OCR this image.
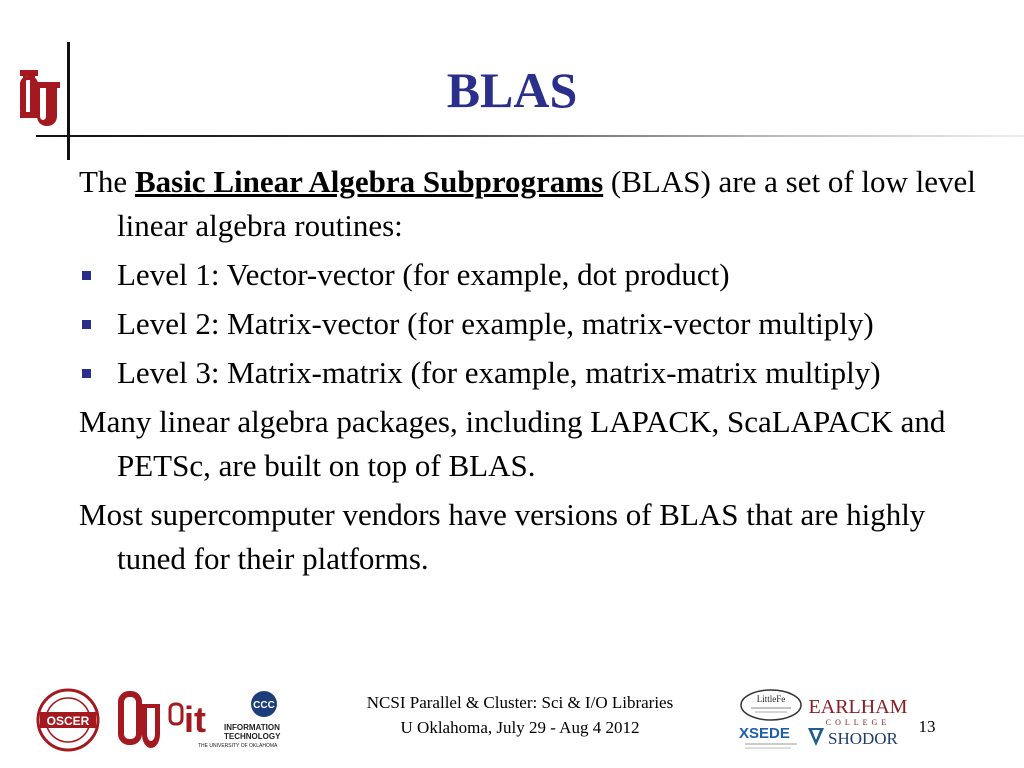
BLAS

The Basic Linear Algebra Subprograms (BLAS) are a set of low level linear algebra routines:

Level 1: Vector-vector (for example, dot product)

Level 2: Matrix-vector (for example, matrix-vector multiply)

Level 3: Matrix-matrix (for example, matrix-matrix multiply)

Many linear algebra packages, including LAPACK, ScaLAPACK and PETSc, are built on top of BLAS.

Most supercomputer vendors have versions of BLAS that are highly tuned for their platforms.

OSCER	it	CCC
INFORMATION
TECHNOLOGY
THE UNIVERSITY OF OKLAHOMA
NCSI Parallel & Cluster: Sci & I/O Libraries
U Oklahoma, July 29 - Aug 4 2012
LittleFe EARLHAM
COLLEGE
XSEDE SHODOR
13
